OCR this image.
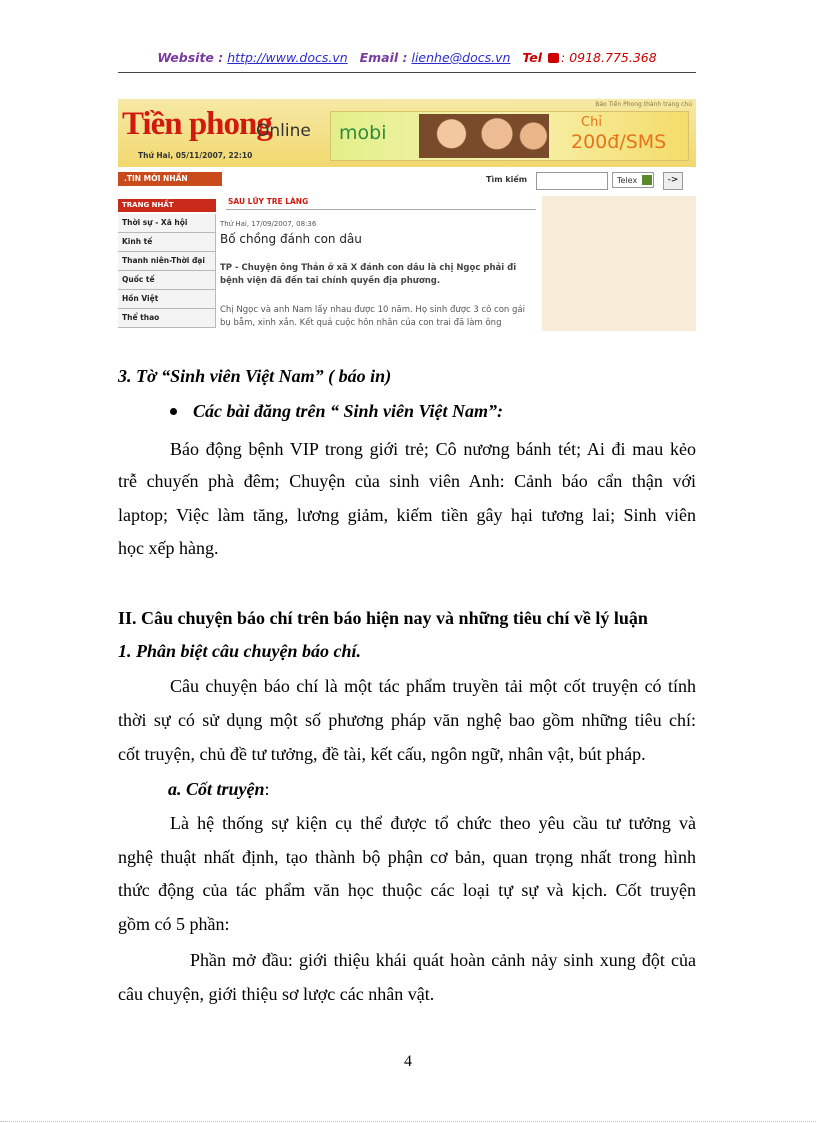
Website : http://www.docs.vn Email : lienhe@docs.vn Tel : 0918.775.368
Báo Tiền Phong thành trang chủ
Tiền phong
Online
Thứ Hai, 05/11/2007, 22:10
mobi	Chỉ
200đ/SMS
.TIN MỚI NHẤN	Tìm kiếm	Telex	->
TRANG NHẤT
Thời sự - Xã hội
Kinh tế
Thanh niên-Thời đại
Quốc tế
Hồn Việt
Thể thao
SAU LŨY TRE LÀNG
Thứ Hai, 17/09/2007, 08:36
Bố chồng đánh con dâu
TP - Chuyện ông Thản ở xã X đánh con dâu là chị Ngọc phải đi bệnh viện đã đến tai chính quyền địa phương.
Chị Ngọc và anh Nam lấy nhau được 10 năm. Họ sinh được 3 cô con gái bụ bẫm, xinh xắn. Kết quả cuộc hôn nhân của con trai đã làm ông

3. Tờ “Sinh viên Việt Nam” ( báo in)

Các bài đăng trên “ Sinh viên Việt Nam”:

Báo động bệnh VIP trong giới trẻ; Cô nương bánh tét; Ai đi mau kẻo

trễ chuyến phà đêm; Chuyện của sinh viên Anh: Cảnh báo cẩn thận với

laptop; Việc làm tăng, lương giảm, kiếm tiền gây hại tương lai; Sinh viên

học xếp hàng.

II. Câu chuyện báo chí trên báo hiện nay và những tiêu chí về lý luận

1. Phân biệt câu chuyện báo chí.

Câu chuyện báo chí là một tác phẩm truyền tải một cốt truyện có tính

thời sự có sử dụng một số phương pháp văn nghệ bao gồm những tiêu chí:

cốt truyện, chủ đề tư tưởng, đề tài, kết cấu, ngôn ngữ, nhân vật, bút pháp.

a. Cốt truyện:

Là hệ thống sự kiện cụ thể được tổ chức theo yêu cầu tư tưởng và

nghệ thuật nhất định, tạo thành bộ phận cơ bản, quan trọng nhất trong hình

thức động của tác phẩm văn học thuộc các loại tự sự và kịch. Cốt truyện

gồm có 5 phần:

Phần mở đầu: giới thiệu khái quát hoàn cảnh nảy sinh xung đột của

câu chuyện, giới thiệu sơ lược các nhân vật.

4
